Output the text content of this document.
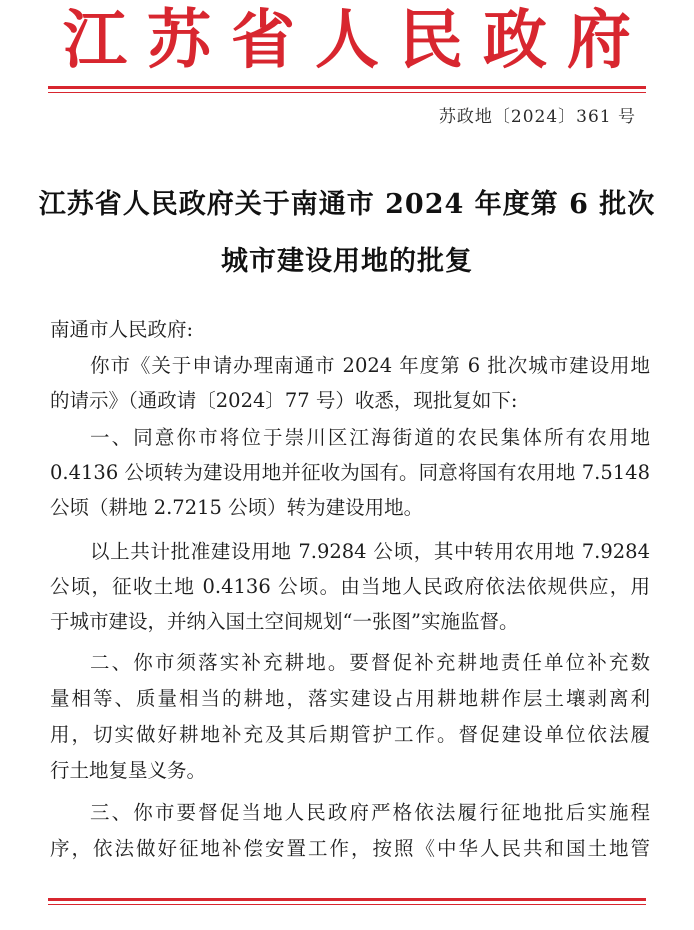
江苏省人民政府
苏政地〔2024〕361 号
江苏省人民政府关于南通市 2024 年度第 6 批次
城市建设用地的批复
南通市人民政府:
你市《关于申请办理南通市 2024 年度第 6 批次城市建设用地
的请示》（通政请〔2024〕77 号）收悉，现批复如下:
一、同意你市将位于崇川区江海街道的农民集体所有农用地
0.4136 公顷转为建设用地并征收为国有。同意将国有农用地 7.5148
公顷（耕地 2.7215 公顷）转为建设用地。
以上共计批准建设用地 7.9284 公顷，其中转用农用地 7.9284
公顷，征收土地 0.4136 公顷。由当地人民政府依法依规供应，用
于城市建设，并纳入国土空间规划“一张图”实施监督。
二、你市须落实补充耕地。要督促补充耕地责任单位补充数
量相等、质量相当的耕地，落实建设占用耕地耕作层土壤剥离利
用，切实做好耕地补充及其后期管护工作。督促建设单位依法履
行土地复垦义务。
三、你市要督促当地人民政府严格依法履行征地批后实施程
序，依法做好征地补偿安置工作，按照《中华人民共和国土地管
